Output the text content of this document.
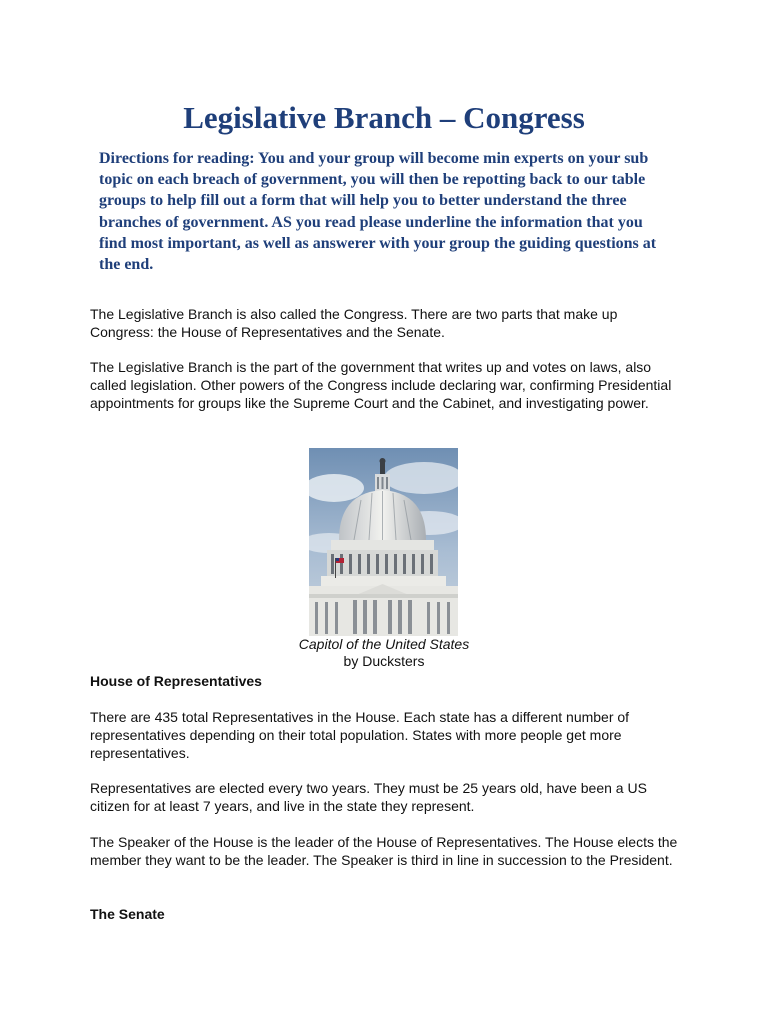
Legislative Branch – Congress

Directions for reading: You and your group will become min experts on your sub topic on each breach of government, you will then be repotting back to our table groups to help fill out a form that will help you to better understand the three branches of government. AS you read please underline the information that you find most important, as well as answerer with your group the guiding questions at the end.

The Legislative Branch is also called the Congress. There are two parts that make up Congress: the House of Representatives and the Senate.

The Legislative Branch is the part of the government that writes up and votes on laws, also called legislation. Other powers of the Congress include declaring war, confirming Presidential appointments for groups like the Supreme Court and the Cabinet, and investigating power.

Capitol of the United States
by Ducksters

House of Representatives

There are 435 total Representatives in the House. Each state has a different number of representatives depending on their total population. States with more people get more representatives.

Representatives are elected every two years. They must be 25 years old, have been a US citizen for at least 7 years, and live in the state they represent.

The Speaker of the House is the leader of the House of Representatives. The House elects the member they want to be the leader. The Speaker is third in line in succession to the President.

The Senate
